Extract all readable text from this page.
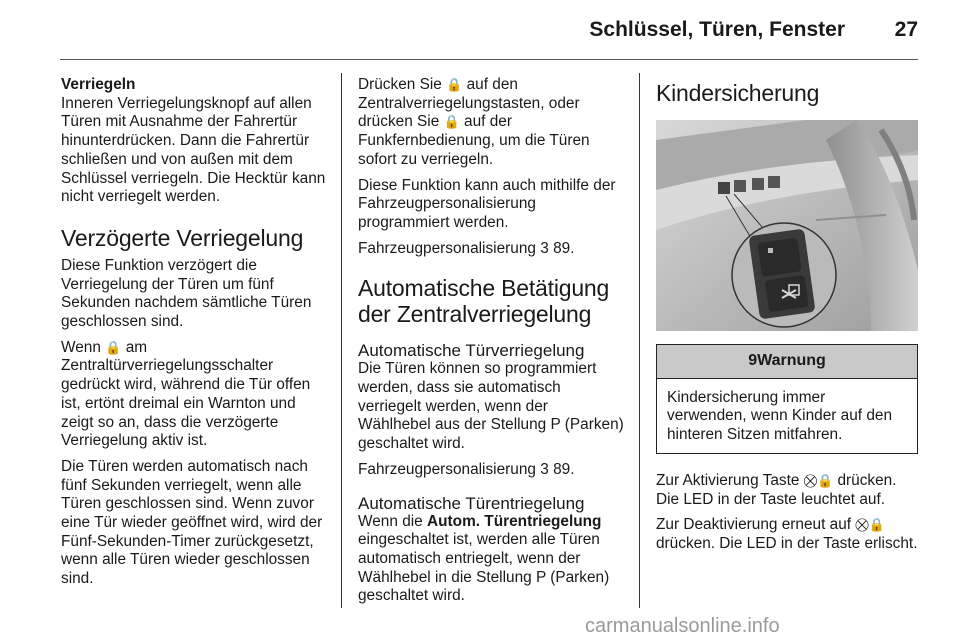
Schlüssel, Türen, Fenster 27
Verriegeln

Inneren Verriegelungsknopf auf allen Türen mit Ausnahme der Fahrertür hinunterdrücken. Dann die Fahrertür schließen und von außen mit dem Schlüssel verriegeln. Die Hecktür kann nicht verriegelt werden.

Verzögerte Verriegelung

Diese Funktion verzögert die Verriegelung der Türen um fünf Sekunden nachdem sämtliche Türen geschlossen sind.

Wenn 🔒 am Zentraltürverriegelungsschalter gedrückt wird, während die Tür offen ist, ertönt dreimal ein Warnton und zeigt so an, dass die verzögerte Verriegelung aktiv ist.

Die Türen werden automatisch nach fünf Sekunden verriegelt, wenn alle Türen geschlossen sind. Wenn zuvor eine Tür wieder geöffnet wird, wird der Fünf-Sekunden-Timer zurückgesetzt, wenn alle Türen wieder geschlossen sind.

Drücken Sie 🔒 auf den Zentralverriegelungstasten, oder drücken Sie 🔒 auf der Funkfernbedienung, um die Türen sofort zu verriegeln.

Diese Funktion kann auch mithilfe der Fahrzeugpersonalisierung programmiert werden.

Fahrzeugpersonalisierung 3 89.

Automatische Betätigung der Zentralverriegelung
Automatische Türverriegelung

Die Türen können so programmiert werden, dass sie automatisch verriegelt werden, wenn der Wählhebel aus der Stellung P (Parken) geschaltet wird.

Fahrzeugpersonalisierung 3 89.

Automatische Türentriegelung

Wenn die Autom. Türentriegelung eingeschaltet ist, werden alle Türen automatisch entriegelt, wenn der Wählhebel in die Stellung P (Parken) geschaltet wird.

Kindersicherung
9Warnung
Kindersicherung immer verwenden, wenn Kinder auf den hinteren Sitzen mitfahren.

Zur Aktivierung Taste ⛒🔒 drücken. Die LED in der Taste leuchtet auf.

Zur Deaktivierung erneut auf ⛒🔒 drücken. Die LED in der Taste erlischt.

carmanualsonline.info
